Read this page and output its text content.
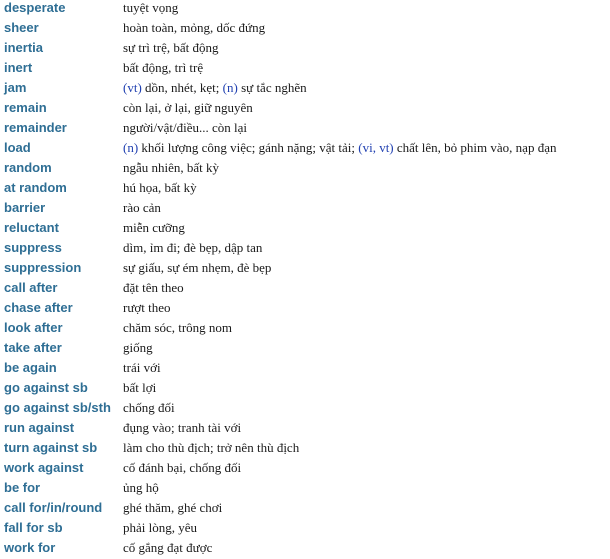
desperate	tuyệt vọng
sheer	hoàn toàn, mỏng, dốc đứng
inertia	sự trì trệ, bất động
inert	bất động, trì trệ
jam	(vt) dồn, nhét, kẹt; (n) sự tắc nghẽn
remain	còn lại, ở lại, giữ nguyên
remainder	người/vật/điều... còn lại
load	(n) khối lượng công việc; gánh nặng; vật tải; (vi, vt) chất lên, bỏ phim vào, nạp đạn
random	ngẫu nhiên, bất kỳ
at random	hú họa, bất kỳ
barrier	rào cản
reluctant	miễn cưỡng
suppress	dìm, ỉm đi; đè bẹp, dập tan
suppression	sự giấu, sự ém nhẹm, đè bẹp
call after	đặt tên theo
chase after	rượt theo
look after	chăm sóc, trông nom
take after	giống
be again	trái với
go against sb	bất lợi
go against sb/sth chống đối
run against	đụng vào; tranh tài với
turn against sb làm cho thù địch; trở nên thù địch
work against	cố đánh bại, chống đối
be for	ủng hộ
call for/in/round ghé thăm, ghé chơi
fall for sb	phải lòng, yêu
work for	cố gắng đạt được
